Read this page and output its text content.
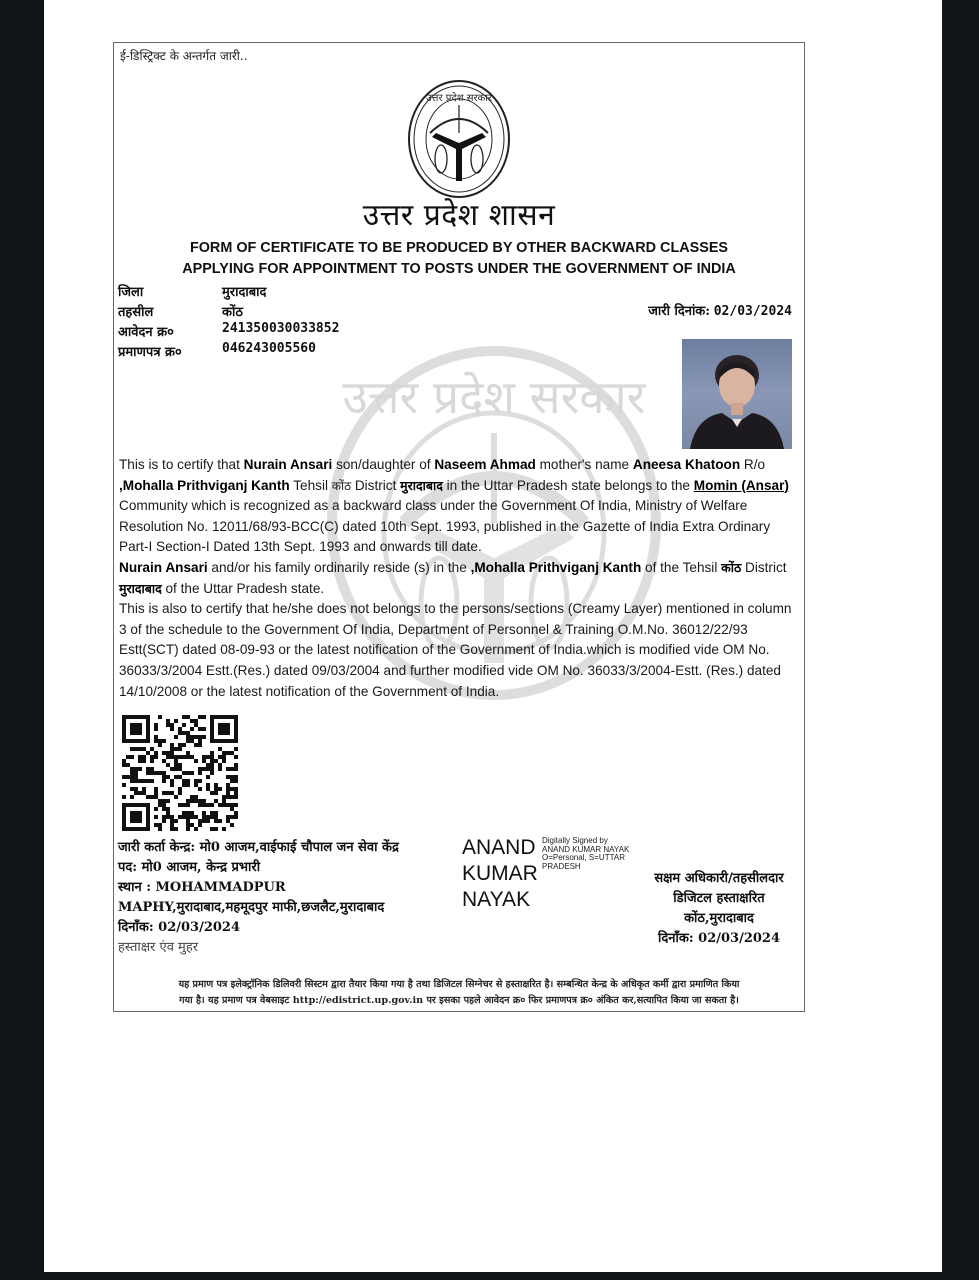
ई-डिस्ट्रिक्ट के अन्तर्गत जारी..
उत्तर प्रदेश सरकार
उत्तर प्रदेश शासन
FORM OF CERTIFICATE TO BE PRODUCED BY OTHER BACKWARD CLASSES
APPLYING FOR APPOINTMENT TO POSTS UNDER THE GOVERNMENT OF INDIA
उत्तर प्रदेश सरकार
जिला	मुरादाबाद
तहसील	कोंठ
आवेदन क्र०	241350030033852
प्रमाणपत्र क्र०	046243005560
जारी दिनांक: 02/03/2024

This is to certify that Nurain Ansari son/daughter of Naseem Ahmad mother's name Aneesa Khatoon R/o ,Mohalla Prithviganj Kanth Tehsil कोंठ District मुरादाबाद in the Uttar Pradesh state belongs to the Momin (Ansar) Community which is recognized as a backward class under the Government Of India, Ministry of Welfare Resolution No. 12011/68/93-BCC(C) dated 10th Sept. 1993, published in the Gazette of India Extra Ordinary Part-I Section-I Dated 13th Sept. 1993 and onwards till date.

Nurain Ansari and/or his family ordinarily reside (s) in the ,Mohalla Prithviganj Kanth of the Tehsil कोंठ District मुरादाबाद of the Uttar Pradesh state.

This is also to certify that he/she does not belongs to the persons/sections (Creamy Layer) mentioned in column 3 of the schedule to the Government Of India, Department of Personnel & Training O.M.No. 36012/22/93 Estt(SCT) dated 08-09-93 or the latest notification of the Government of India.which is modified vide OM No. 36033/3/2004 Estt.(Res.) dated 09/03/2004 and further modified vide OM No. 36033/3/2004-Estt. (Res.) dated 14/10/2008 or the latest notification of the Government of India.

जारी कर्ता केन्द्र: मो0 आजम,वाईफाई चौपाल जन सेवा केंद्र
पद: मो0 आजम, केन्द्र प्रभारी
स्थान : MOHAMMADPUR
MAPHY,मुरादाबाद,महमूदपुर माफी,छजलैट,मुरादाबाद
दिनाँक: 02/03/2024
हस्ताक्षर एंव मुहर
ANAND
KUMAR
NAYAK
Digitally Signed by
ANAND KUMAR NAYAK
O=Personal, S=UTTAR
PRADESH
सक्षम अधिकारी/तहसीलदार
डिजिटल हस्ताक्षरित
कोंठ,मुरादाबाद
दिनाँक: 02/03/2024
यह प्रमाण पत्र इलेक्ट्रॉनिक डिलिवरी सिस्टम द्वारा तैयार किया गया है तथा डिजिटल सिग्नेचर से हस्ताक्षरित है। सम्बन्धित केन्द्र के अधिकृत कर्मी द्वारा प्रमाणित किया
गया है। यह प्रमाण पत्र वेबसाइट http://edistrict.up.gov.in पर इसका पहले आवेदन क्र० फिर प्रमाणपत्र क्र० अंकित कर,सत्यापित किया जा सकता है।
